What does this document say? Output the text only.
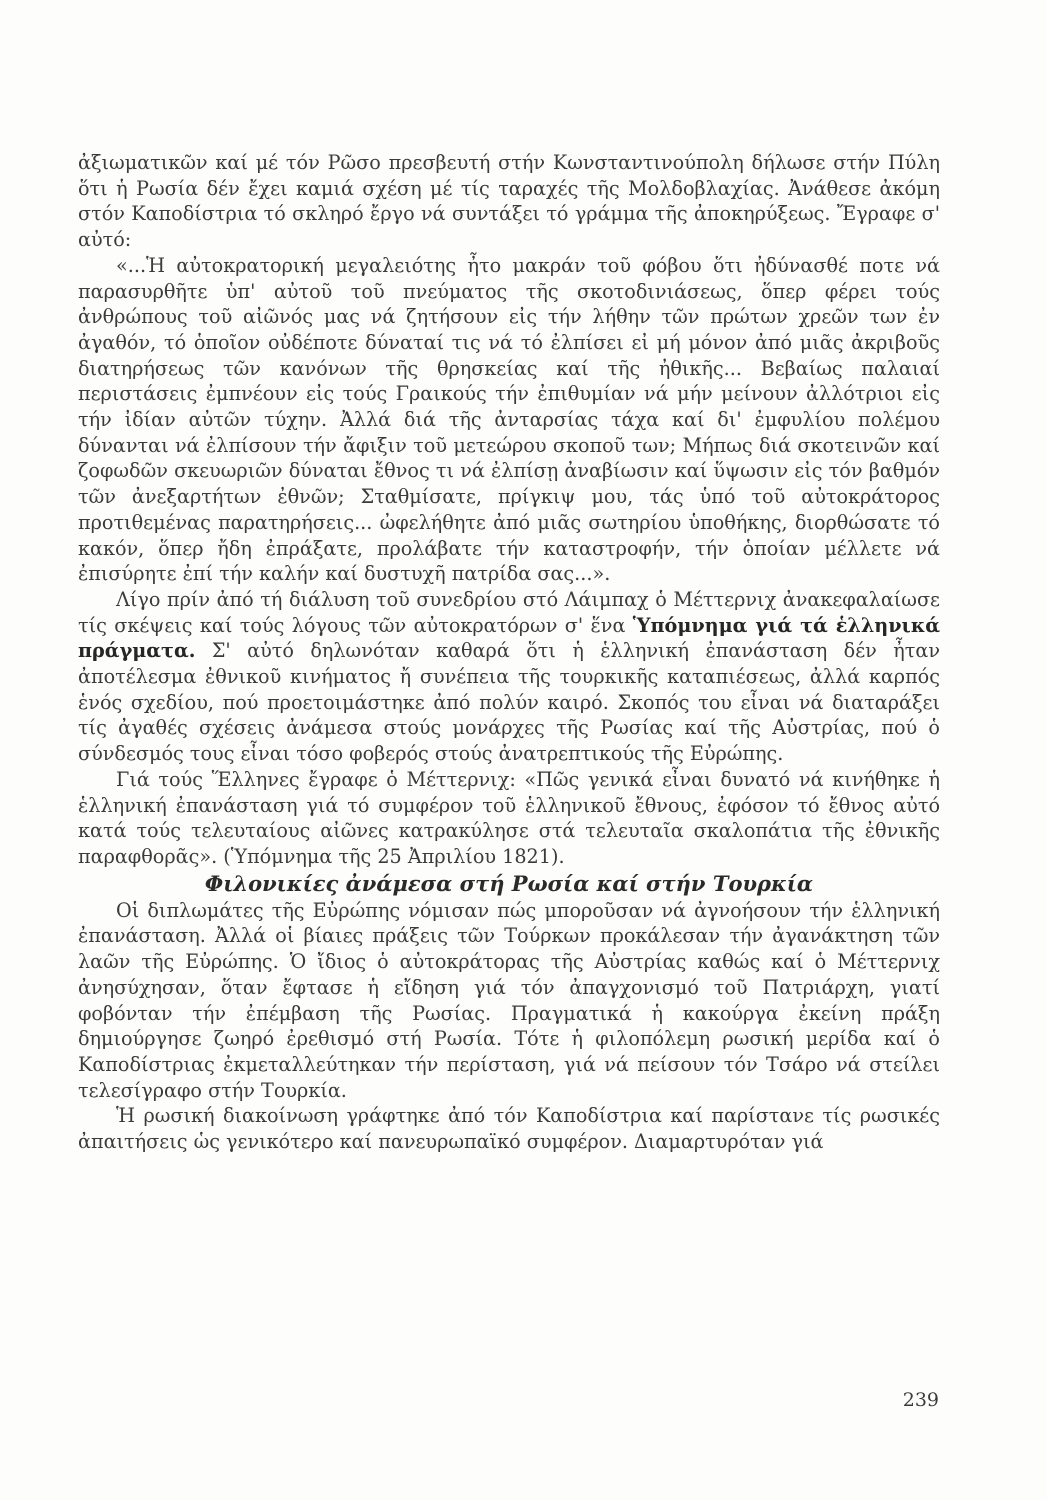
ἀξιωματικῶν καί μέ τόν Ρῶσο πρεσβευτή στήν Κωνσταντινούπολη δήλωσε στήν Πύλη ὅτι ἡ Ρωσία δέν ἔχει καμιά σχέση μέ τίς ταραχές τῆς Μολδοβλαχίας. Ἀνάθεσε ἀκόμη στόν Καποδίστρια τό σκληρό ἔργο νά συντάξει τό γράμμα τῆς ἀποκηρύξεως. Ἔγραφε σ' αὐτό:

«...Ἡ αὐτοκρατορική μεγαλειότης ἦτο μακράν τοῦ φόβου ὅτι ἠδύνασθέ ποτε νά παρασυρθῆτε ὑπ' αὐτοῦ τοῦ πνεύματος τῆς σκοτοδινιάσεως, ὅπερ φέρει τούς ἀνθρώπους τοῦ αἰῶνός μας νά ζητήσουν εἰς τήν λήθην τῶν πρώτων χρεῶν των ἐν ἀγαθόν, τό ὁποῖον οὐδέποτε δύναταί τις νά τό ἐλπίσει εἰ μή μόνον ἀπό μιᾶς ἀκριβοῦς διατηρήσεως τῶν κανόνων τῆς θρησκείας καί τῆς ἠθικῆς... Βεβαίως παλαιαί περιστάσεις ἐμπνέουν εἰς τούς Γραικούς τήν ἐπιθυμίαν νά μήν μείνουν ἀλλότριοι εἰς τήν ἰδίαν αὐτῶν τύχην. Ἀλλά διά τῆς ἀνταρσίας τάχα καί δι' ἐμφυλίου πολέμου δύνανται νά ἐλπίσουν τήν ἄφιξιν τοῦ μετεώρου σκοποῦ των; Μήπως διά σκοτεινῶν καί ζοφωδῶν σκευωριῶν δύναται ἔθνος τι νά ἐλπίσῃ ἀναβίωσιν καί ὕψωσιν εἰς τόν βαθμόν τῶν ἀνεξαρτήτων ἐθνῶν; Σταθμίσατε, πρίγκιψ μου, τάς ὑπό τοῦ αὐτοκράτορος προτιθεμένας παρατηρήσεις... ὠφελήθητε ἀπό μιᾶς σωτηρίου ὑποθήκης, διορθώσατε τό κακόν, ὅπερ ἤδη ἐπράξατε, προλάβατε τήν καταστροφήν, τήν ὁποίαν μέλλετε νά ἐπισύρητε ἐπί τήν καλήν καί δυστυχῆ πατρίδα σας...».

Λίγο πρίν ἀπό τή διάλυση τοῦ συνεδρίου στό Λάιμπαχ ὁ Μέττερνιχ ἀνακεφαλαίωσε τίς σκέψεις καί τούς λόγους τῶν αὐτοκρατόρων σ' ἕνα Ὑπόμνημα γιά τά ἑλληνικά πράγματα. Σ' αὐτό δηλωνόταν καθαρά ὅτι ἡ ἑλληνική ἐπανάσταση δέν ἦταν ἀποτέλεσμα ἐθνικοῦ κινήματος ἤ συνέπεια τῆς τουρκικῆς καταπιέσεως, ἀλλά καρπός ἑνός σχεδίου, πού προετοιμάστηκε ἀπό πολύν καιρό. Σκοπός του εἶναι νά διαταράξει τίς ἀγαθές σχέσεις ἀνάμεσα στούς μονάρχες τῆς Ρωσίας καί τῆς Αὐστρίας, πού ὁ σύνδεσμός τους εἶναι τόσο φοβερός στούς ἀνατρεπτικούς τῆς Εὐρώπης.

Γιά τούς Ἕλληνες ἔγραφε ὁ Μέττερνιχ: «Πῶς γενικά εἶναι δυνατό νά κινήθηκε ἡ ἑλληνική ἐπανάσταση γιά τό συμφέρον τοῦ ἑλληνικοῦ ἔθνους, ἐφόσον τό ἔθνος αὐτό κατά τούς τελευταίους αἰῶνες κατρακύλησε στά τελευταῖα σκαλοπάτια τῆς ἐθνικῆς παραφθορᾶς». (Ὑπόμνημα τῆς 25 Ἀπριλίου 1821).

Φιλονικίες ἀνάμεσα στή Ρωσία καί στήν Τουρκία

Οἱ διπλωμάτες τῆς Εὐρώπης νόμισαν πώς μποροῦσαν νά ἀγνοήσουν τήν ἑλληνική ἐπανάσταση. Ἀλλά οἱ βίαιες πράξεις τῶν Τούρκων προκάλεσαν τήν ἀγανάκτηση τῶν λαῶν τῆς Εὐρώπης. Ὁ ἴδιος ὁ αὐτοκράτορας τῆς Αὐστρίας καθώς καί ὁ Μέττερνιχ ἀνησύχησαν, ὅταν ἔφτασε ἡ εἴδηση γιά τόν ἀπαγχονισμό τοῦ Πατριάρχη, γιατί φοβόνταν τήν ἐπέμβαση τῆς Ρωσίας. Πραγματικά ἡ κακούργα ἐκείνη πράξη δημιούργησε ζωηρό ἐρεθισμό στή Ρωσία. Τότε ἡ φιλοπόλεμη ρωσική μερίδα καί ὁ Καποδίστριας ἐκμεταλλεύτηκαν τήν περίσταση, γιά νά πείσουν τόν Τσάρο νά στείλει τελεσίγραφο στήν Τουρκία.

Ἡ ρωσική διακοίνωση γράφτηκε ἀπό τόν Καποδίστρια καί παρίστανε τίς ρωσικές ἀπαιτήσεις ὡς γενικότερο καί πανευρωπαϊκό συμφέρον. Διαμαρτυρόταν γιά

239
